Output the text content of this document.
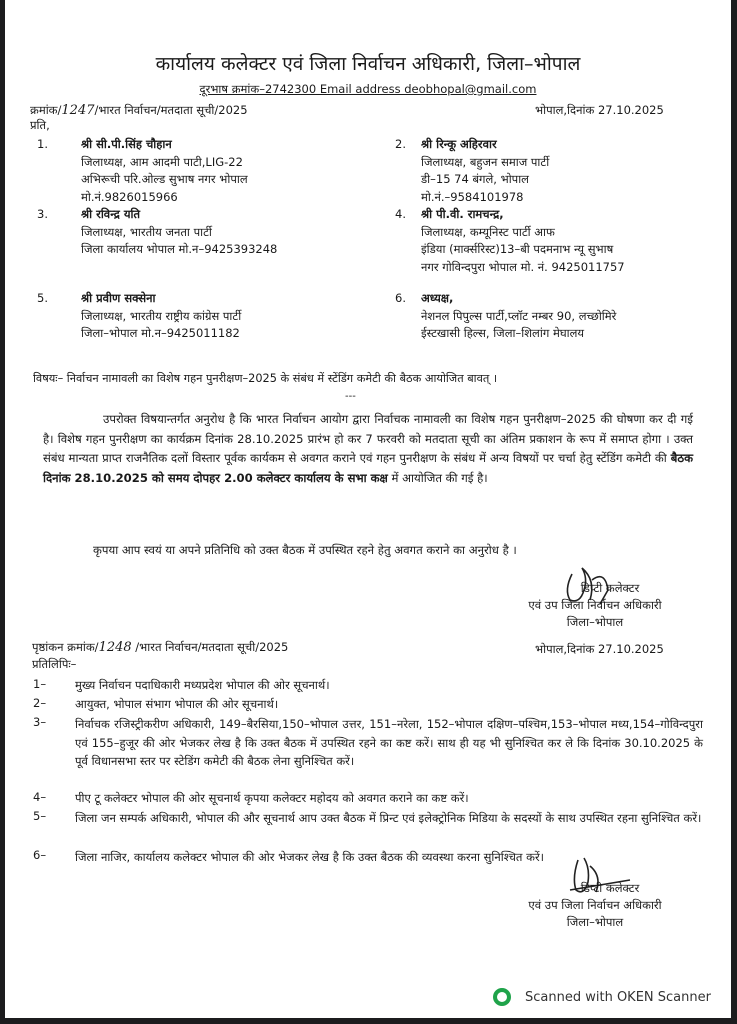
कार्यालय कलेक्टर एवं जिला निर्वाचन अधिकारी, जिला–भोपाल
दूरभाष क्रमांक–2742300 Email address deobhopal@gmail.com
क्रमांक/1247/भारत निर्वाचन/मतदाता सूची/2025	भोपाल,दिनांक 27.10.2025
प्रति,
1.	श्री सी.पी.सिंह चौहान
जिलाध्यक्ष, आम आदमी पाटी,LIG-22
अभिरूची परि.ओल्ड सुभाष नगर भोपाल
मो.नं.9826015966
2.	श्री रिन्कू अहिरवार
जिलाध्यक्ष, बहुजन समाज पार्टी
डी–15 74 बंगले, भोपाल
मो.नं.–9584101978
3.	श्री रविन्द्र यति
जिलाध्यक्ष, भारतीय जनता पार्टी
जिला कार्यालय भोपाल मो.न–9425393248
4.	श्री पी.वी. रामचन्द्र,
जिलाध्यक्ष, कम्यूनिस्ट पार्टी आफ
इंडिया (मार्क्सरिस्ट)13–बी पदमनाभ न्यू सुभाष
नगर गोविन्दपुरा भोपाल मो. नं. 9425011757
5.	श्री प्रवीण सक्सेना
जिलाध्यक्ष, भारतीय राष्ट्रीय कांग्रेस पार्टी
जिला–भोपाल मो.न–9425011182
6.	अध्यक्ष,
नेशनल पिपुल्स पार्टी,प्लॉट नम्बर 90, लच्छोमिरे
ईस्टखासी हिल्स, जिला–शिलांग मेघालय
विषयः– निर्वाचन नामावली का विशेष गहन पुनरीक्षण–2025 के संबंध में स्टेंडिंग कमेटी की बैठक आयोजित बावत् ।
---
उपरोक्त विषयान्तर्गत अनुरोध है कि भारत निर्वाचन आयोग द्वारा निर्वाचक नामावली का विशेष गहन पुनरीक्षण–2025 की घोषणा कर दी गई है। विशेष गहन पुनरीक्षण का कार्यक्रम दिनांक 28.10.2025 प्रारंभ हो कर 7 फरवरी को मतदाता सूची का अंतिम प्रकाशन के रूप में समाप्त होगा । उक्त संबंध मान्यता प्राप्त राजनैतिक दलों विस्तार पूर्वक कार्यकम से अवगत कराने एवं गहन पुनरीक्षण के संबंध में अन्य विषयों पर चर्चा हेतु स्टेंडिंग कमेटी की बैठक दिनांक 28.10.2025 को समय दोपहर 2.00 कलेक्टर कार्यालय के सभा कक्ष में आयोजित की गई है।
कृपया आप स्वयं या अपने प्रतिनिधि को उक्त बैठक में उपस्थित रहने हेतु अवगत कराने का अनुरोध है ।
डिप्टी कलेक्टर
एवं उप जिला निर्वाचन अधिकारी
जिला–भोपाल
पृष्ठांकन क्रमांक/1248 /भारत निर्वाचन/मतदाता सूची/2025	भोपाल,दिनांक 27.10.2025
प्रतिलिपिः–
1–	मुख्य निर्वाचन पदाधिकारी मध्यप्रदेश भोपाल की ओर सूचनार्थ।
2–	आयुक्त, भोपाल संभाग भोपाल की ओर सूचनार्थ।
3–	निर्वाचक रजिस्ट्रीकरीण अधिकारी, 149–बैरसिया,150–भोपाल उत्तर, 151–नरेला, 152–भोपाल दक्षिण–पश्चिम,153–भोपाल मध्य,154–गोविन्दपुरा एवं 155–हुजूर की ओर भेजकर लेख है कि उक्त बैठक में उपस्थित रहने का कष्ट करें। साथ ही यह भी सुनिश्चित कर ले कि दिनांक 30.10.2025 के पूर्व विधानसभा स्तर पर स्टेडिंग कमेटी की बैठक लेना सुनिश्चित करें।
4–	पीए टू कलेक्टर भोपाल की ओर सूचनार्थ कृपया कलेक्टर महोदय को अवगत कराने का कष्ट करें।
5–	जिला जन सम्पर्क अधिकारी, भोपाल की और सूचनार्थ आप उक्त बैठक में प्रिन्ट एवं इलेक्ट्रोनिक मिडिया के सदस्यों के साथ उपस्थित रहना सुनिश्चित करें।
6–	जिला नाजिर, कार्यालय कलेक्टर भोपाल की ओर भेजकर लेख है कि उक्त बैठक की व्यवस्था करना सुनिश्चित करें।
डिप्टी कलेक्टर
एवं उप जिला निर्वाचन अधिकारी
जिला–भोपाल
Scanned with OKEN Scanner
